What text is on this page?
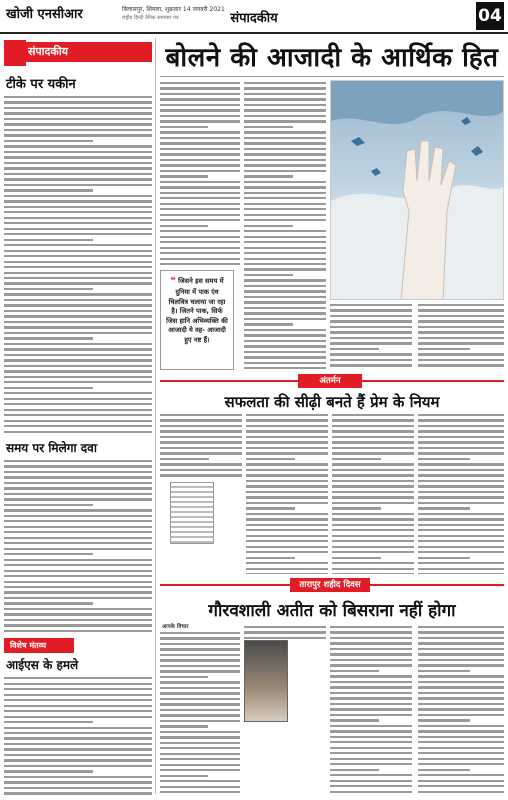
खोजी एनसीआर	बिलासपुर, शिमला, शुक्रवार 14 जनवरी 2021
राष्ट्रीय हिन्दी दैनिक समाचार पत्र	संपादकीय	04
संपादकीय
टीके पर यकीन
समय पर मिलेगा दवा
विशेष मंतव्य
आईएस के हमले
बोलने की आजादी के आर्थिक हित
❝ जिसने इस समय में दुनिया में पाक एंव चिलवित्र चलाया जा रहा है। जितने पाक, सिर्फ जिस हानि अभिव्यक्ति की आजादी ये वह- आजादी हुए नष्ट हैं।
अंतर्मन
सफलता की सीढ़ी बनते हैं प्रेम के नियम
तारापुर शहीद दिवस
गौरवशाली अतीत को बिसराना नहीं होगा
आपके विचार
